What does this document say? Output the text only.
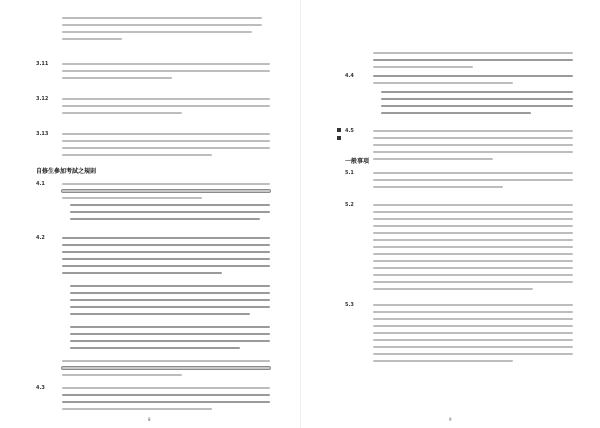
3.11
3.12
3.13
自修生參加考試之規則
4.1
4.2
4.3
8
4.4
4.5
一般事項
5.1
5.2
5.3
9
